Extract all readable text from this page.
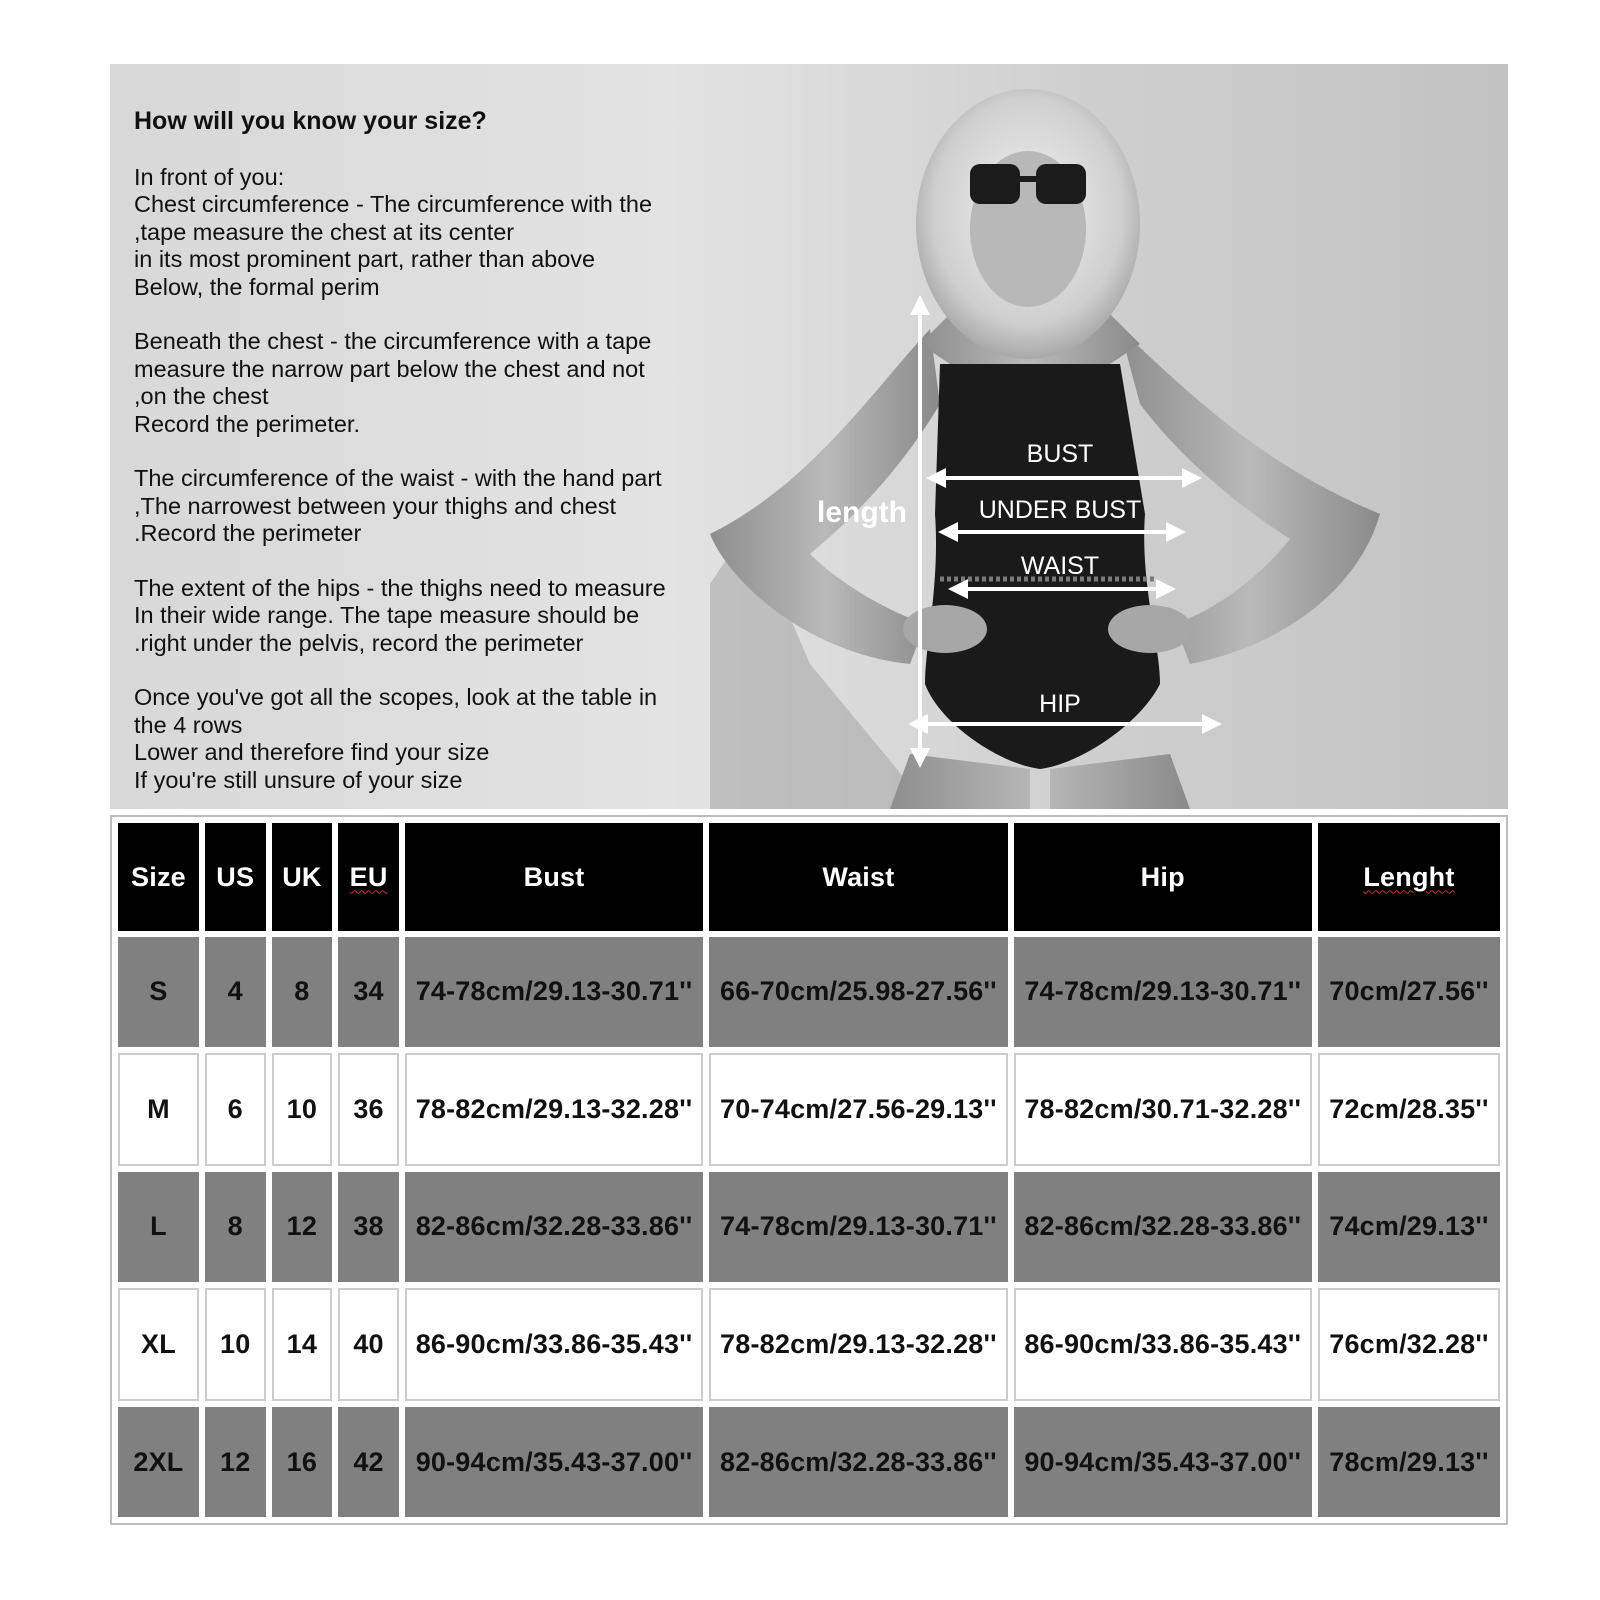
How will you know your size?
In front of you:
Chest circumference - The circumference with the
,tape measure the chest at its center
in its most prominent part, rather than above
Below, the formal perim
Beneath the chest - the circumference with a tape
measure the narrow part below the chest and not
,on the chest
Record the perimeter.
The circumference of the waist - with the hand part
,The narrowest between your thighs and chest
.Record the perimeter
The extent of the hips - the thighs need to measure
In their wide range. The tape measure should be
.right under the pelvis, record the perimeter
Once you've got all the scopes, look at the table in
the 4 rows
Lower and therefore find your size
If you're still unsure of your size
BUST
UNDER BUST
WAIST
HIP
length
Size	US	UK	EU	Bust	Waist	Hip	Lenght
S	4	8	34	74-78cm/29.13-30.71''	66-70cm/25.98-27.56''	74-78cm/29.13-30.71''	70cm/27.56''
M	6	10	36	78-82cm/29.13-32.28''	70-74cm/27.56-29.13''	78-82cm/30.71-32.28''	72cm/28.35''
L	8	12	38	82-86cm/32.28-33.86''	74-78cm/29.13-30.71''	82-86cm/32.28-33.86''	74cm/29.13''
XL	10	14	40	86-90cm/33.86-35.43''	78-82cm/29.13-32.28''	86-90cm/33.86-35.43''	76cm/32.28''
2XL	12	16	42	90-94cm/35.43-37.00''	82-86cm/32.28-33.86''	90-94cm/35.43-37.00''	78cm/29.13''
